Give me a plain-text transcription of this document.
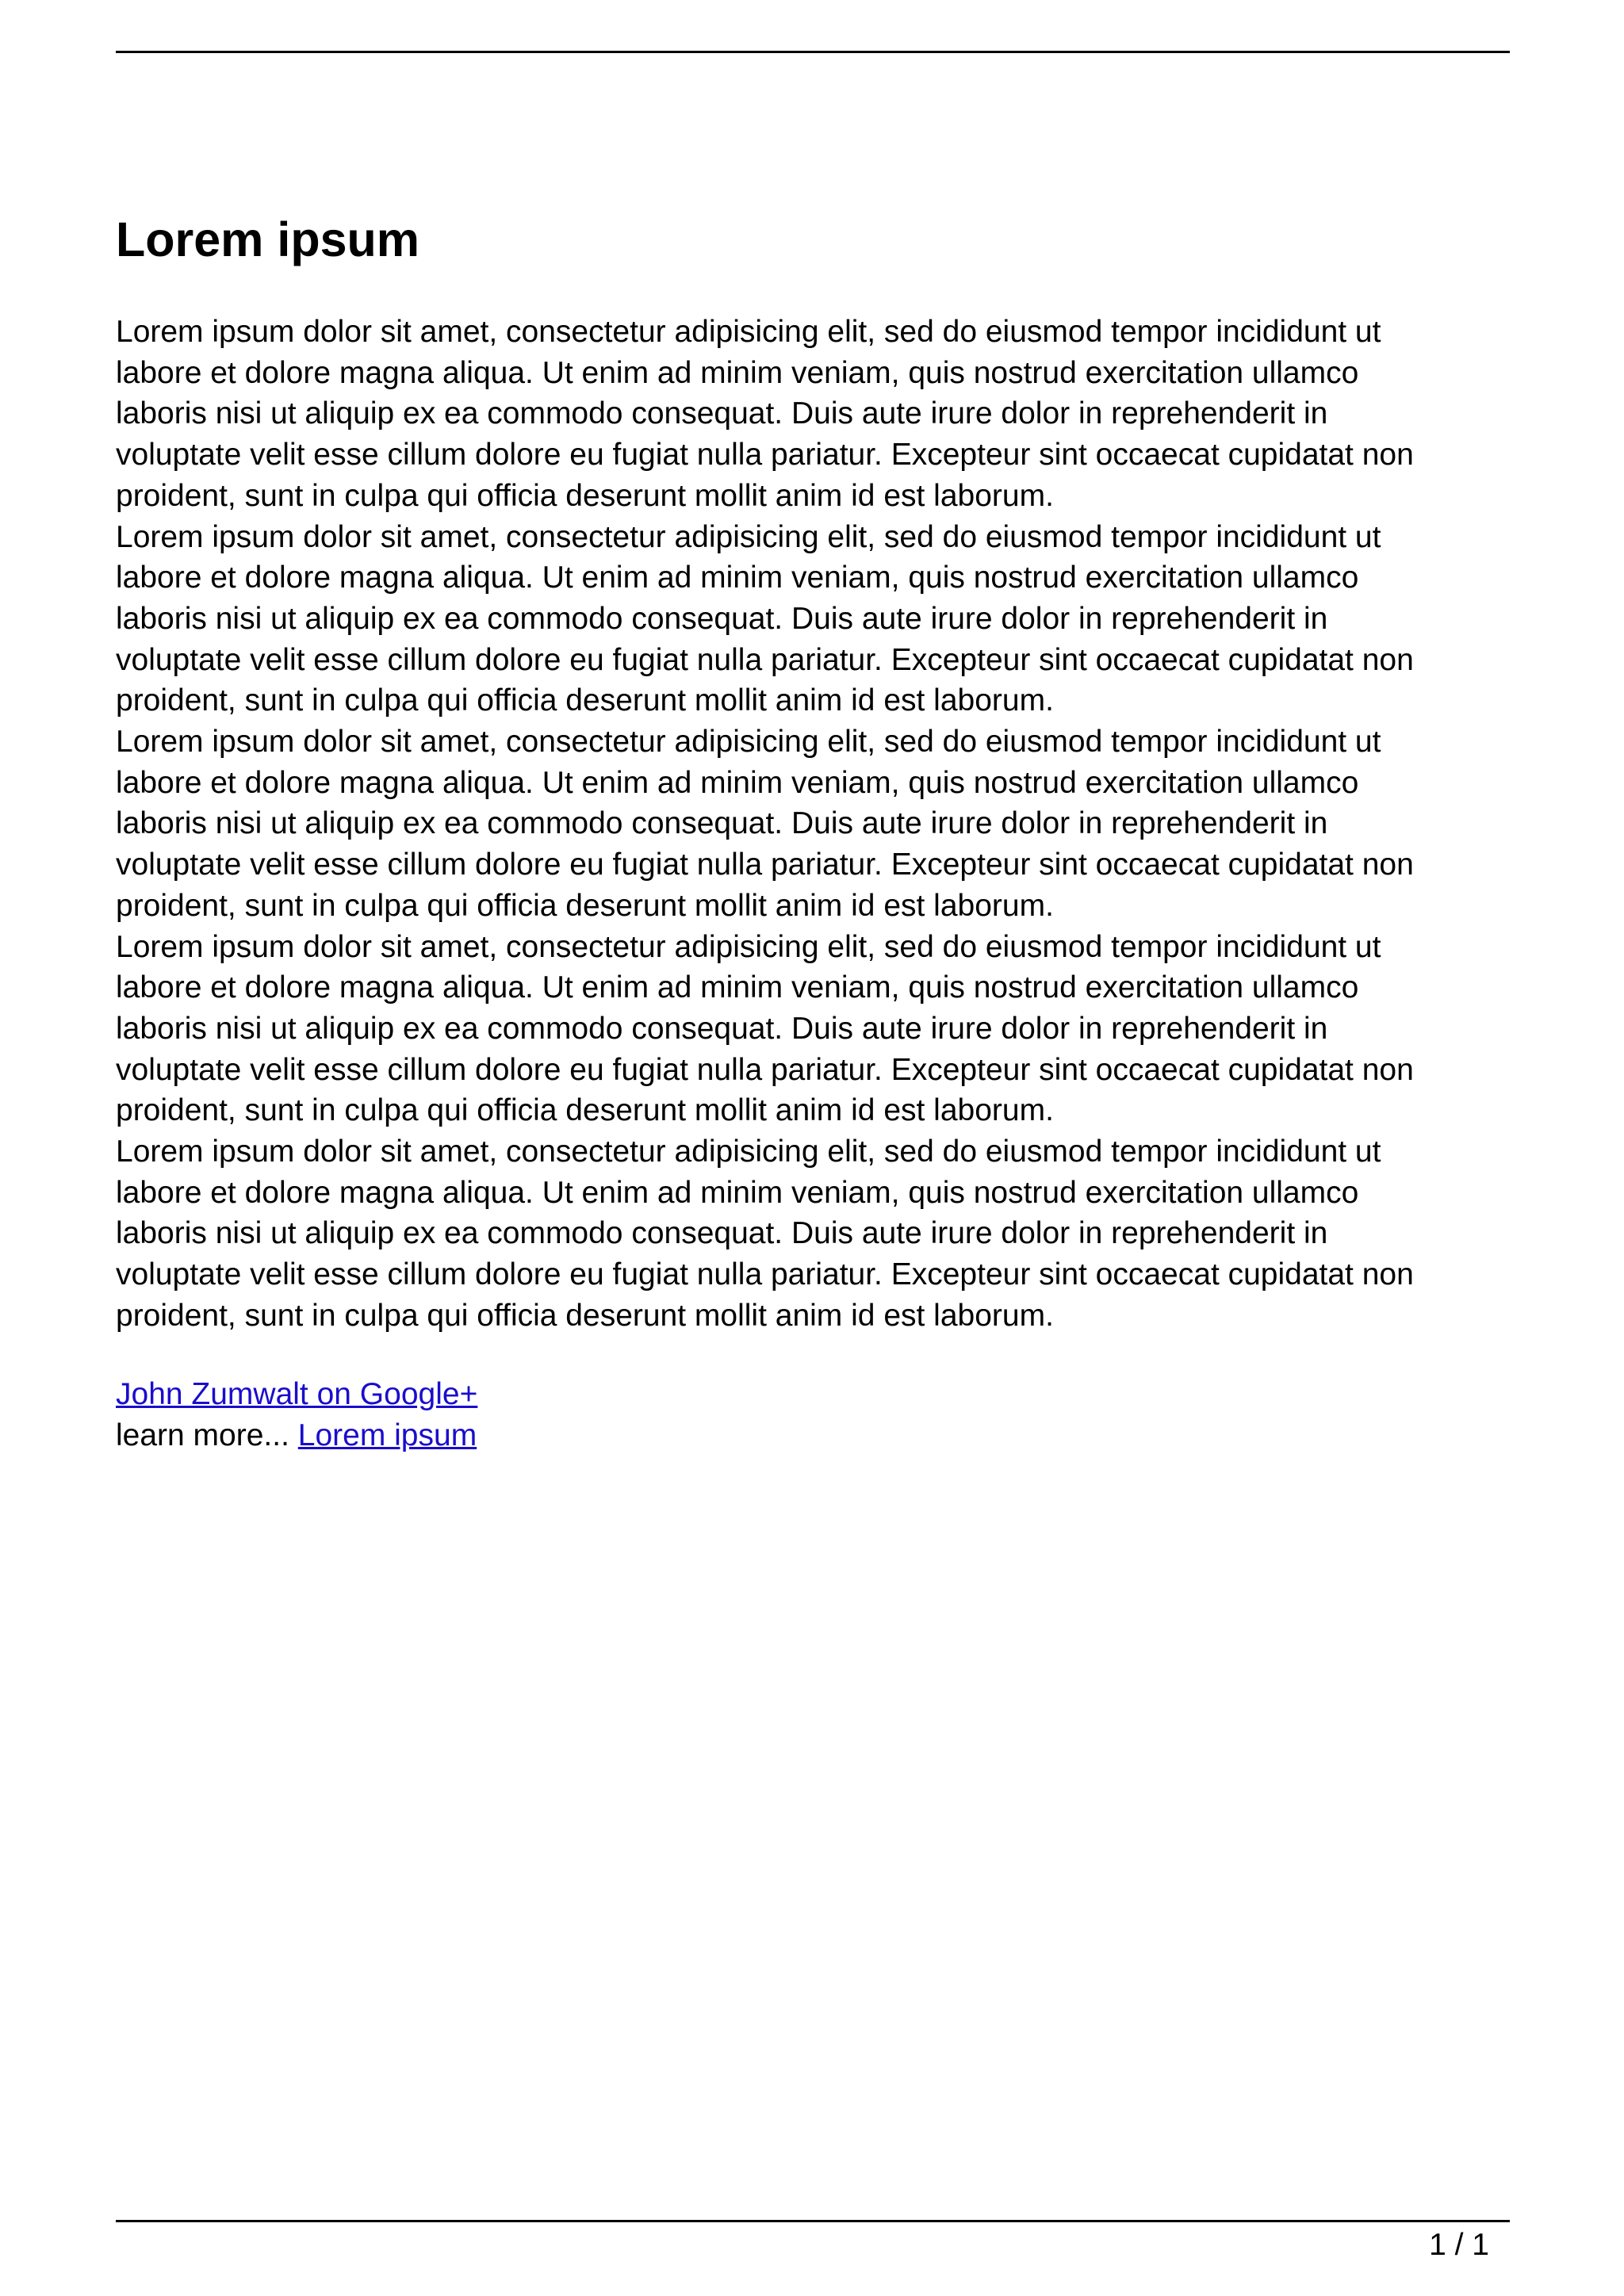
Lorem ipsum
Lorem ipsum dolor sit amet, consectetur adipisicing elit, sed do eiusmod tempor incididunt ut
labore et dolore magna aliqua. Ut enim ad minim veniam, quis nostrud exercitation ullamco
laboris nisi ut aliquip ex ea commodo consequat. Duis aute irure dolor in reprehenderit in
voluptate velit esse cillum dolore eu fugiat nulla pariatur. Excepteur sint occaecat cupidatat non
proident, sunt in culpa qui officia deserunt mollit anim id est laborum.
Lorem ipsum dolor sit amet, consectetur adipisicing elit, sed do eiusmod tempor incididunt ut
labore et dolore magna aliqua. Ut enim ad minim veniam, quis nostrud exercitation ullamco
laboris nisi ut aliquip ex ea commodo consequat. Duis aute irure dolor in reprehenderit in
voluptate velit esse cillum dolore eu fugiat nulla pariatur. Excepteur sint occaecat cupidatat non
proident, sunt in culpa qui officia deserunt mollit anim id est laborum.
Lorem ipsum dolor sit amet, consectetur adipisicing elit, sed do eiusmod tempor incididunt ut
labore et dolore magna aliqua. Ut enim ad minim veniam, quis nostrud exercitation ullamco
laboris nisi ut aliquip ex ea commodo consequat. Duis aute irure dolor in reprehenderit in
voluptate velit esse cillum dolore eu fugiat nulla pariatur. Excepteur sint occaecat cupidatat non
proident, sunt in culpa qui officia deserunt mollit anim id est laborum.
Lorem ipsum dolor sit amet, consectetur adipisicing elit, sed do eiusmod tempor incididunt ut
labore et dolore magna aliqua. Ut enim ad minim veniam, quis nostrud exercitation ullamco
laboris nisi ut aliquip ex ea commodo consequat. Duis aute irure dolor in reprehenderit in
voluptate velit esse cillum dolore eu fugiat nulla pariatur. Excepteur sint occaecat cupidatat non
proident, sunt in culpa qui officia deserunt mollit anim id est laborum.
Lorem ipsum dolor sit amet, consectetur adipisicing elit, sed do eiusmod tempor incididunt ut
labore et dolore magna aliqua. Ut enim ad minim veniam, quis nostrud exercitation ullamco
laboris nisi ut aliquip ex ea commodo consequat. Duis aute irure dolor in reprehenderit in
voluptate velit esse cillum dolore eu fugiat nulla pariatur. Excepteur sint occaecat cupidatat non
proident, sunt in culpa qui officia deserunt mollit anim id est laborum.
John Zumwalt on Google+
learn more... Lorem ipsum
1 / 1
